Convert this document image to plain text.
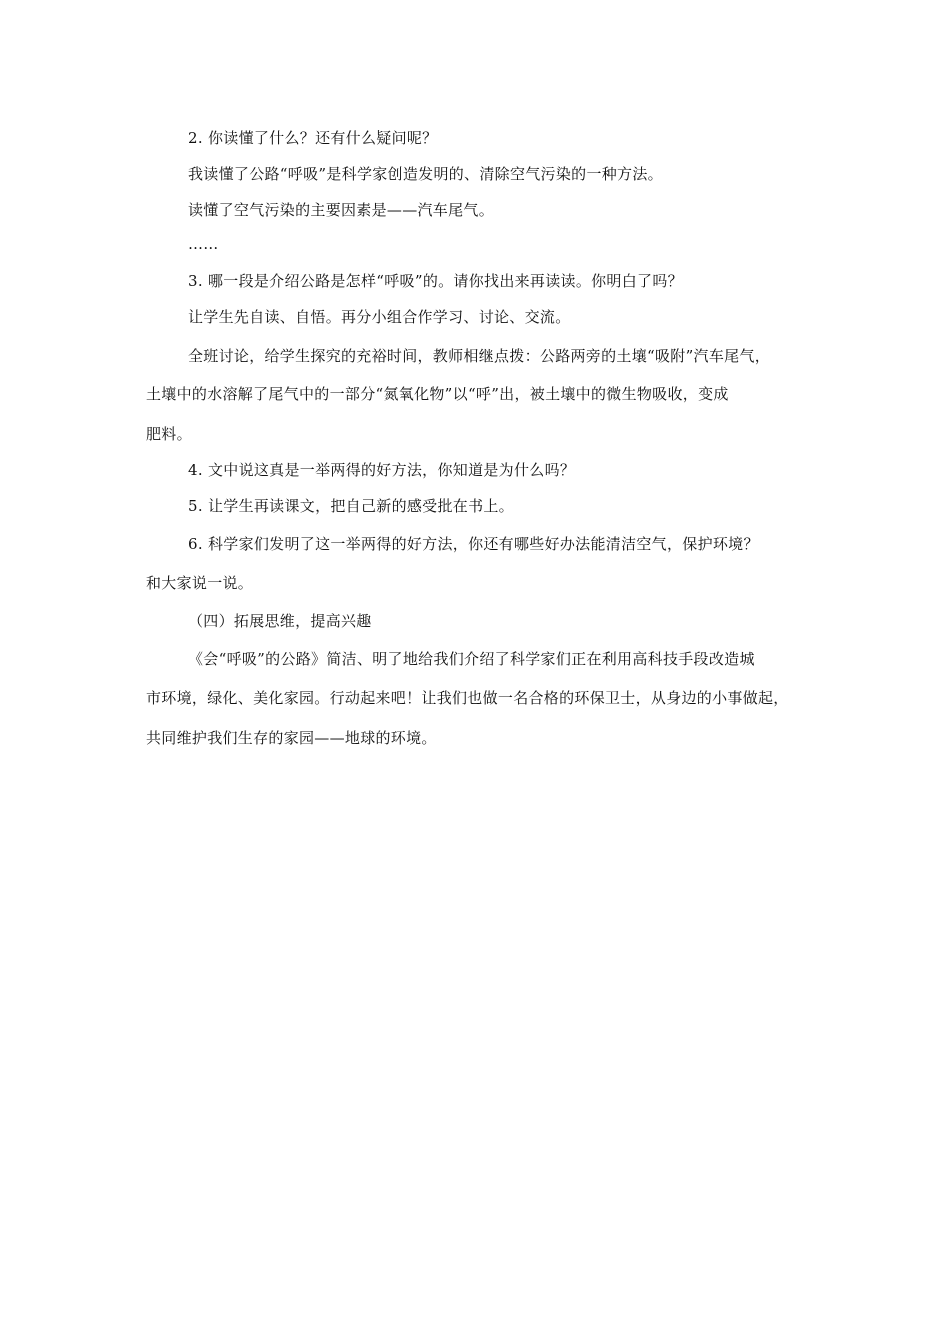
2. 你读懂了什么？还有什么疑问呢？
我读懂了公路“呼吸”是科学家创造发明的、清除空气污染的一种方法。
读懂了空气污染的主要因素是——汽车尾气。
……
3. 哪一段是介绍公路是怎样“呼吸”的。请你找出来再读读。你明白了吗？
让学生先自读、自悟。再分小组合作学习、讨论、交流。
全班讨论，给学生探究的充裕时间，教师相继点拨：公路两旁的土壤“吸附”汽车尾气，
土壤中的水溶解了尾气中的一部分“氮氧化物”以“呼”出，被土壤中的微生物吸收，变成
肥料。
4. 文中说这真是一举两得的好方法，你知道是为什么吗？
5. 让学生再读课文，把自己新的感受批在书上。
6. 科学家们发明了这一举两得的好方法，你还有哪些好办法能清洁空气，保护环境？
和大家说一说。
（四）拓展思维，提高兴趣
《会“呼吸”的公路》简洁、明了地给我们介绍了科学家们正在利用高科技手段改造城
市环境，绿化、美化家园。行动起来吧！让我们也做一名合格的环保卫士，从身边的小事做起，
共同维护我们生存的家园——地球的环境。
